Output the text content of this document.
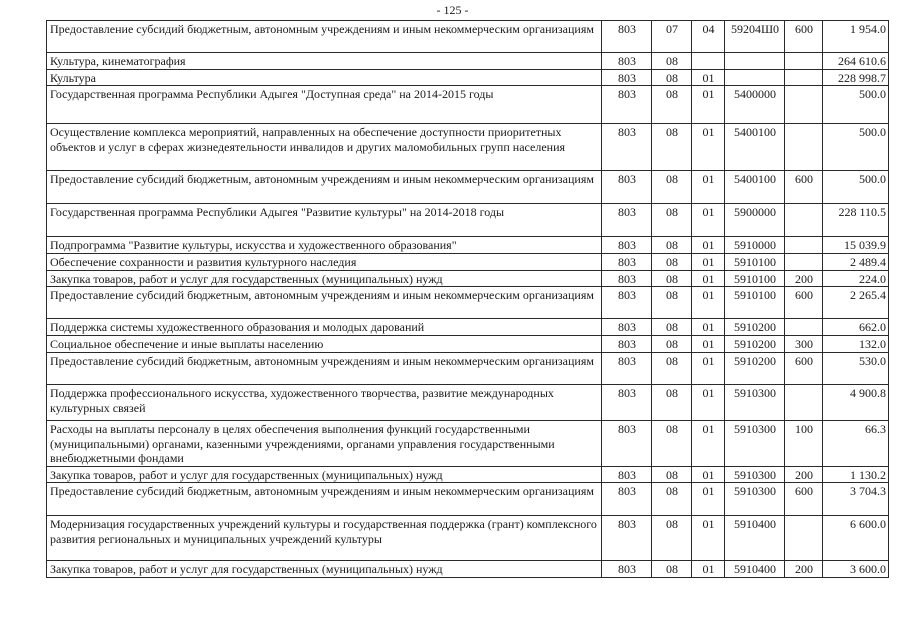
- 125 -
Предоставление субсидий бюджетным, автономным учреждениям и иным некоммерческим организациям	803	07	04	59204Ш0	600	1 954.0
Культура, кинематография	803	08				264 610.6
Культура	803	08	01			228 998.7
Государственная программа Республики Адыгея "Доступная среда" на 2014-2015 годы	803	08	01	5400000		500.0
Осуществление комплекса мероприятий, направленных на обеспечение доступности приоритетных объектов и услуг в сферах жизнедеятельности инвалидов и других маломобильных групп населения	803	08	01	5400100		500.0
Предоставление субсидий бюджетным, автономным учреждениям и иным некоммерческим организациям	803	08	01	5400100	600	500.0
Государственная программа Республики Адыгея "Развитие культуры" на 2014-2018 годы	803	08	01	5900000		228 110.5
Подпрограмма "Развитие культуры, искусства и художественного образования"	803	08	01	5910000		15 039.9
Обеспечение сохранности и развития культурного наследия	803	08	01	5910100		2 489.4
Закупка товаров, работ и услуг для государственных (муниципальных) нужд	803	08	01	5910100	200	224.0
Предоставление субсидий бюджетным, автономным учреждениям и иным некоммерческим организациям	803	08	01	5910100	600	2 265.4
Поддержка системы художественного образования и молодых дарований	803	08	01	5910200		662.0
Социальное обеспечение и иные выплаты населению	803	08	01	5910200	300	132.0
Предоставление субсидий бюджетным, автономным учреждениям и иным некоммерческим организациям	803	08	01	5910200	600	530.0
Поддержка профессионального искусства, художественного творчества, развитие международных культурных связей	803	08	01	5910300		4 900.8
Расходы на выплаты персоналу в целях обеспечения выполнения функций государственными (муниципальными) органами, казенными учреждениями, органами управления государственными внебюджетными фондами	803	08	01	5910300	100	66.3
Закупка товаров, работ и услуг для государственных (муниципальных) нужд	803	08	01	5910300	200	1 130.2
Предоставление субсидий бюджетным, автономным учреждениям и иным некоммерческим организациям	803	08	01	5910300	600	3 704.3
Модернизация государственных учреждений культуры и государственная поддержка (грант) комплексного развития региональных и муниципальных учреждений культуры	803	08	01	5910400		6 600.0
Закупка товаров, работ и услуг для государственных (муниципальных) нужд	803	08	01	5910400	200	3 600.0
